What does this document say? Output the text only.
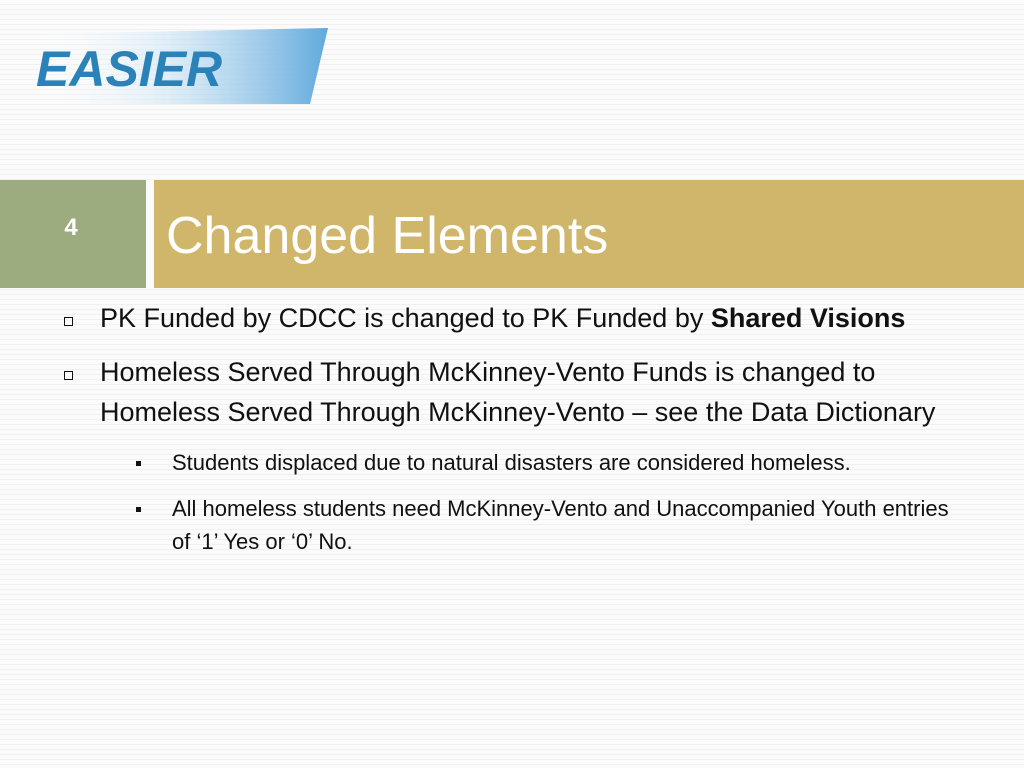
EASIER
4 Changed Elements
PK Funded by CDCC is changed to PK Funded by Shared Visions
Homeless Served Through McKinney-Vento Funds is changed to Homeless Served Through McKinney-Vento – see the Data Dictionary
Students displaced due to natural disasters are considered homeless.
All homeless students need McKinney-Vento and Unaccompanied Youth entries of ‘1’ Yes or ‘0’ No.
